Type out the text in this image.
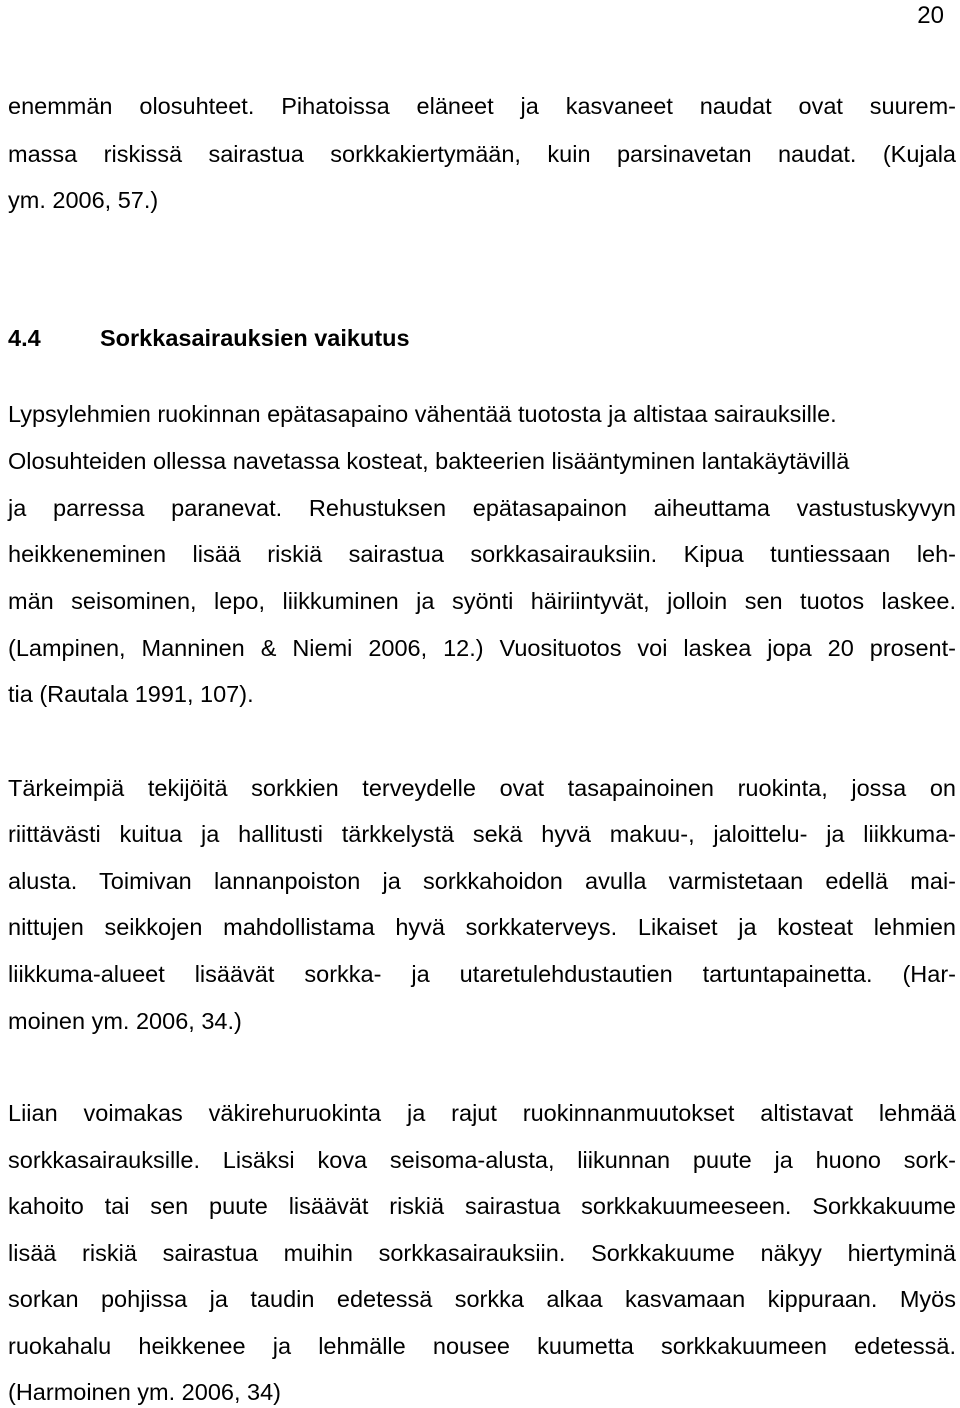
20
enemmän olosuhteet. Pihatoissa eläneet ja kasvaneet naudat ovat suurem-
massa riskissä sairastua sorkkakiertymään, kuin parsinavetan naudat. (Kujala
ym. 2006, 57.)
4.4	Sorkkasairauksien vaikutus
Lypsylehmien ruokinnan epätasapaino vähentää tuotosta ja altistaa sairauksille.
Olosuhteiden ollessa navetassa kosteat, bakteerien lisääntyminen lantakäytävillä
ja parressa paranevat. Rehustuksen epätasapainon aiheuttama vastustuskyvyn
heikkeneminen lisää riskiä sairastua sorkkasairauksiin. Kipua tuntiessaan leh-
män seisominen, lepo, liikkuminen ja syönti häiriintyvät, jolloin sen tuotos laskee.
(Lampinen, Manninen & Niemi 2006, 12.) Vuosituotos voi laskea jopa 20 prosent-
tia (Rautala 1991, 107).
Tärkeimpiä tekijöitä sorkkien terveydelle ovat tasapainoinen ruokinta, jossa on
riittävästi kuitua ja hallitusti tärkkelystä sekä hyvä makuu-, jaloittelu- ja liikkuma-
alusta. Toimivan lannanpoiston ja sorkkahoidon avulla varmistetaan edellä mai-
nittujen seikkojen mahdollistama hyvä sorkkaterveys. Likaiset ja kosteat lehmien
liikkuma-alueet lisäävät sorkka- ja utaretulehdustautien tartuntapainetta. (Har-
moinen ym. 2006, 34.)
Liian voimakas väkirehuruokinta ja rajut ruokinnanmuutokset altistavat lehmää
sorkkasairauksille. Lisäksi kova seisoma-alusta, liikunnan puute ja huono sork-
kahoito tai sen puute lisäävät riskiä sairastua sorkkakuumeeseen. Sorkkakuume
lisää riskiä sairastua muihin sorkkasairauksiin. Sorkkakuume näkyy hiertyminä
sorkan pohjissa ja taudin edetessä sorkka alkaa kasvamaan kippuraan. Myös
ruokahalu heikkenee ja lehmälle nousee kuumetta sorkkakuumeen edetessä.
(Harmoinen ym. 2006, 34)
